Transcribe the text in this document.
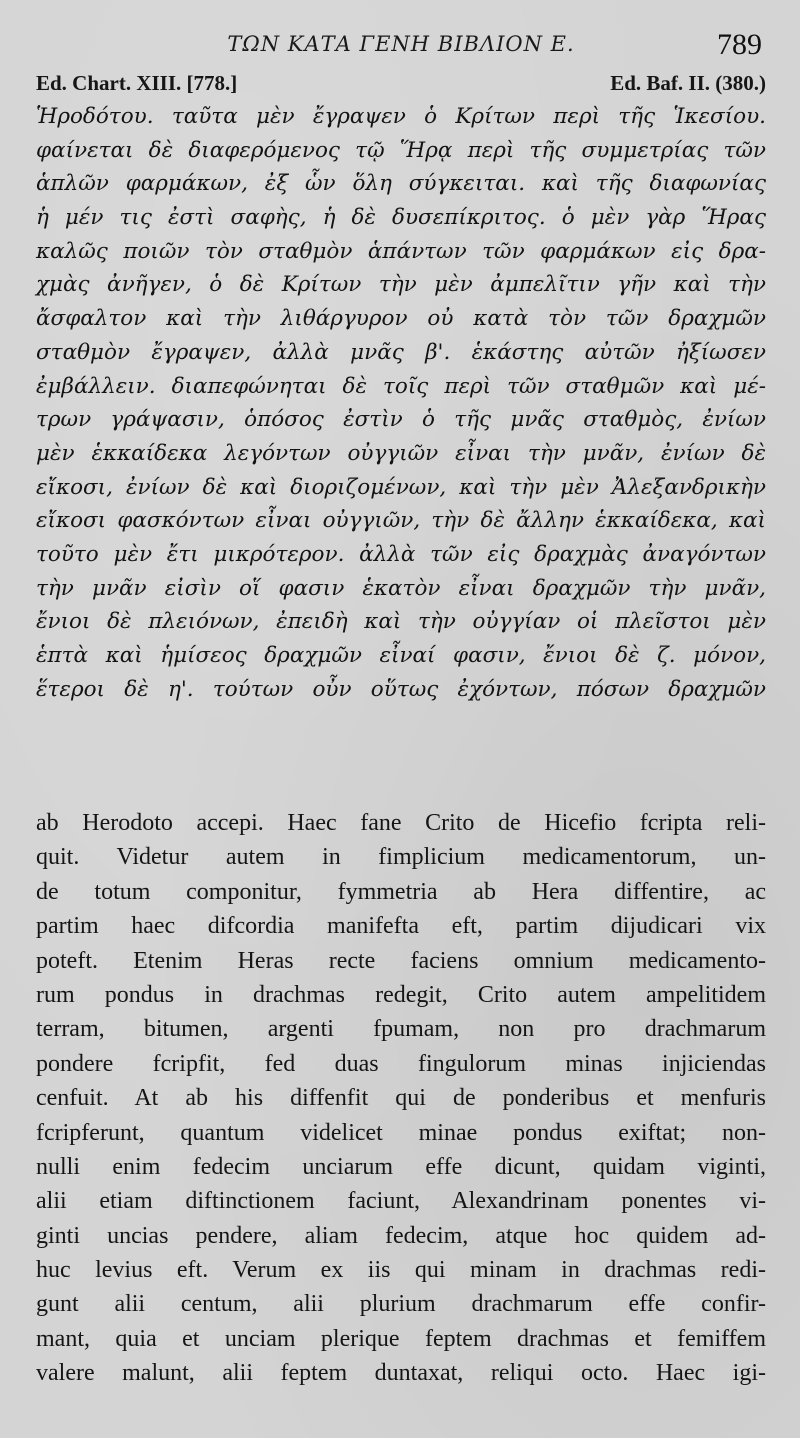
ΤΩΝ ΚΑΤΑ ΓΕΝΗ ΒΙΒΛΙΟΝ Ε.	789
Ed. Chart. XIII. [778.]	Ed. Baf. II. (380.)
Ἡροδότου. ταῦτα μὲν ἔγραψεν ὁ Κρίτων περὶ τῆς Ἱκεσίου.
φαίνεται δὲ διαφερόμενος τῷ Ἥρᾳ περὶ τῆς συμμετρίας τῶν
ἁπλῶν φαρμάκων, ἐξ ὧν ὅλη σύγκειται. καὶ τῆς διαφωνίας
ἡ μέν τις ἐστὶ σαφὴς, ἡ δὲ δυσεπίκριτος. ὁ μὲν γὰρ Ἥρας
καλῶς ποιῶν τὸν σταθμὸν ἁπάντων τῶν φαρμάκων εἰς δρα-
χμὰς ἀνῆγεν, ὁ δὲ Κρίτων τὴν μὲν ἀμπελῖτιν γῆν καὶ τὴν
ἄσφαλτον καὶ τὴν λιθάργυρον οὐ κατὰ τὸν τῶν δραχμῶν
σταθμὸν ἔγραψεν, ἀλλὰ μνᾶς β'. ἑκάστης αὐτῶν ἠξίωσεν
ἐμβάλλειν. διαπεφώνηται δὲ τοῖς περὶ τῶν σταθμῶν καὶ μέ-
τρων γράψασιν, ὁπόσος ἐστὶν ὁ τῆς μνᾶς σταθμὸς, ἐνίων
μὲν ἑκκαίδεκα λεγόντων οὐγγιῶν εἶναι τὴν μνᾶν, ἐνίων δὲ
εἴκοσι, ἐνίων δὲ καὶ διοριζομένων, καὶ τὴν μὲν Ἀλεξανδρικὴν
εἴκοσι φασκόντων εἶναι οὐγγιῶν, τὴν δὲ ἄλλην ἑκκαίδεκα, καὶ
τοῦτο μὲν ἔτι μικρότερον. ἀλλὰ τῶν εἰς δραχμὰς ἀναγόντων
τὴν μνᾶν εἰσὶν οἵ φασιν ἑκατὸν εἶναι δραχμῶν τὴν μνᾶν,
ἔνιοι δὲ πλειόνων, ἐπειδὴ καὶ τὴν οὐγγίαν οἱ πλεῖστοι μὲν
ἑπτὰ καὶ ἡμίσεος δραχμῶν εἶναί φασιν, ἔνιοι δὲ ζ. μόνον,
ἕτεροι δὲ η'. τούτων οὖν οὕτως ἐχόντων, πόσων δραχμῶν
ab Herodoto accepi. Haec fane Crito de Hicefio fcripta reli-
quit. Videtur autem in fimplicium medicamentorum, un-
de totum componitur, fymmetria ab Hera diffentire, ac
partim haec difcordia manifefta eft, partim dijudicari vix
poteft. Etenim Heras recte faciens omnium medicamento-
rum pondus in drachmas redegit, Crito autem ampelitidem
terram, bitumen, argenti fpumam, non pro drachmarum
pondere fcripfit, fed duas fingulorum minas injiciendas
cenfuit. At ab his diffenfit qui de ponderibus et menfuris
fcripferunt, quantum videlicet minae pondus exiftat; non-
nulli enim fedecim unciarum effe dicunt, quidam viginti,
alii etiam diftinctionem faciunt, Alexandrinam ponentes vi-
ginti uncias pendere, aliam fedecim, atque hoc quidem ad-
huc levius eft. Verum ex iis qui minam in drachmas redi-
gunt alii centum, alii plurium drachmarum effe confir-
mant, quia et unciam plerique feptem drachmas et femiffem
valere malunt, alii feptem duntaxat, reliqui octo. Haec igi-
